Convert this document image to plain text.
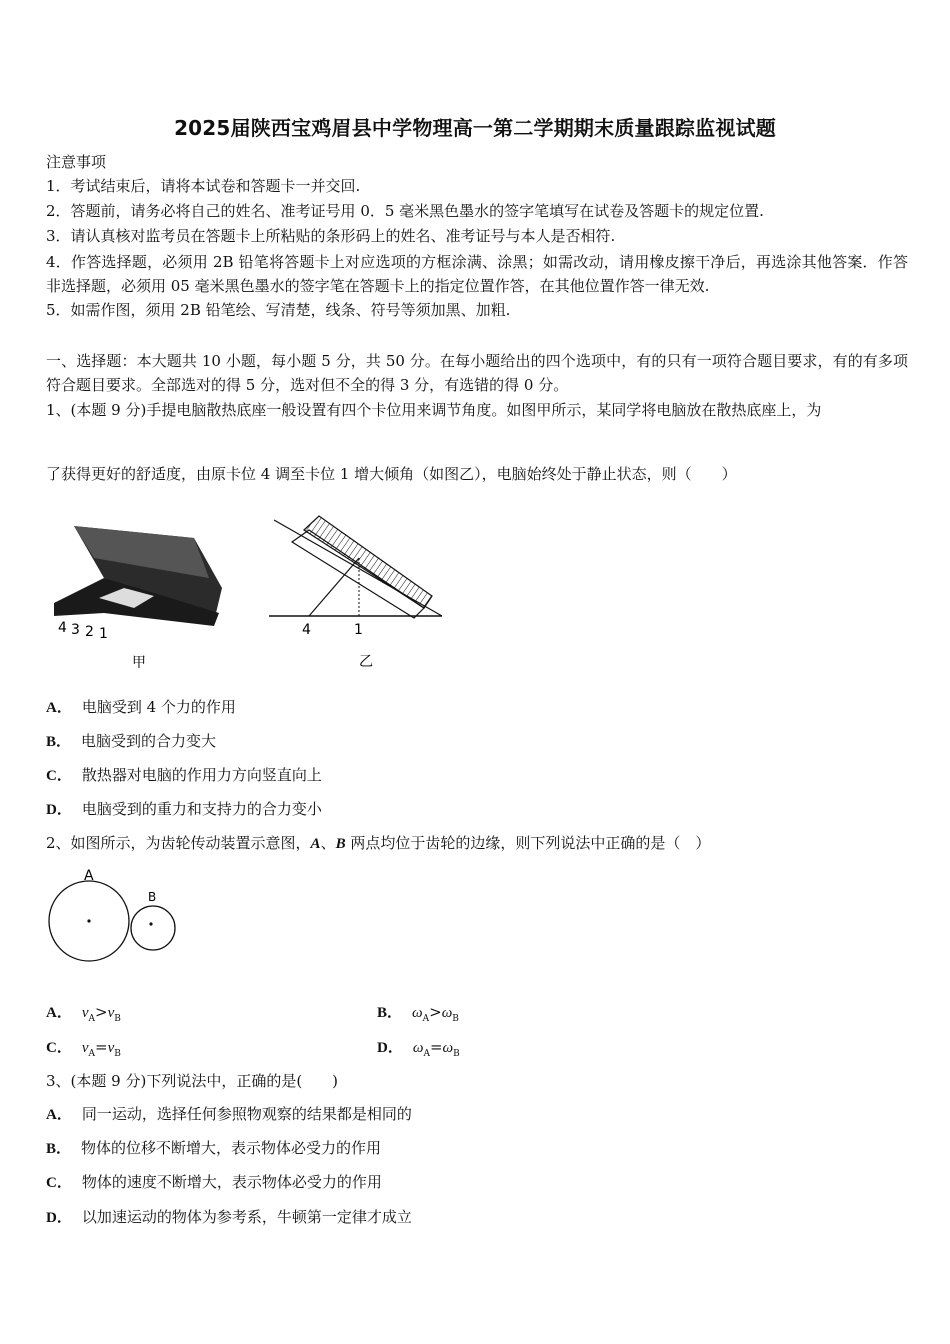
2025届陕西宝鸡眉县中学物理高一第二学期期末质量跟踪监视试题
注意事项
1．考试结束后，请将本试卷和答题卡一并交回.
2．答题前，请务必将自己的姓名、准考证号用 0．5 毫米黑色墨水的签字笔填写在试卷及答题卡的规定位置.
3．请认真核对监考员在答题卡上所粘贴的条形码上的姓名、准考证号与本人是否相符.
4．作答选择题，必须用 2B 铅笔将答题卡上对应选项的方框涂满、涂黑；如需改动，请用橡皮擦干净后，再选涂其他答案．作答非选择题，必须用 05 毫米黑色墨水的签字笔在答题卡上的指定位置作答，在其他位置作答一律无效.
5．如需作图，须用 2B 铅笔绘、写清楚，线条、符号等须加黑、加粗.
一、选择题：本大题共 10 小题，每小题 5 分，共 50 分。在每小题给出的四个选项中，有的只有一项符合题目要求，有的有多项符合题目要求。全部选对的得 5 分，选对但不全的得 3 分，有选错的得 0 分。
1、(本题 9 分)手提电脑散热底座一般设置有四个卡位用来调节角度。如图甲所示，某同学将电脑放在散热底座上，为
了获得更好的舒适度，由原卡位 4 调至卡位 1 增大倾角（如图乙），电脑始终处于静止状态，则（　　）
4 3 2 1
甲
4	1
乙
A． 电脑受到 4 个力的作用
B． 电脑受到的合力变大
C． 散热器对电脑的作用力方向竖直向上
D． 电脑受到的重力和支持力的合力变小
2、如图所示，为齿轮传动装置示意图，A、B 两点均位于齿轮的边缘，则下列说法中正确的是（　）
A
B
A． $v_A>v_B$	B． $\omega_A>\omega_B$
C． $v_A=v_B$	D． $\omega_A=\omega_B$
3、(本题 9 分)下列说法中，正确的是(　　)
A． 同一运动，选择任何参照物观察的结果都是相同的
B． 物体的位移不断增大，表示物体必受力的作用
C． 物体的速度不断增大，表示物体必受力的作用
D． 以加速运动的物体为参考系，牛顿第一定律才成立
